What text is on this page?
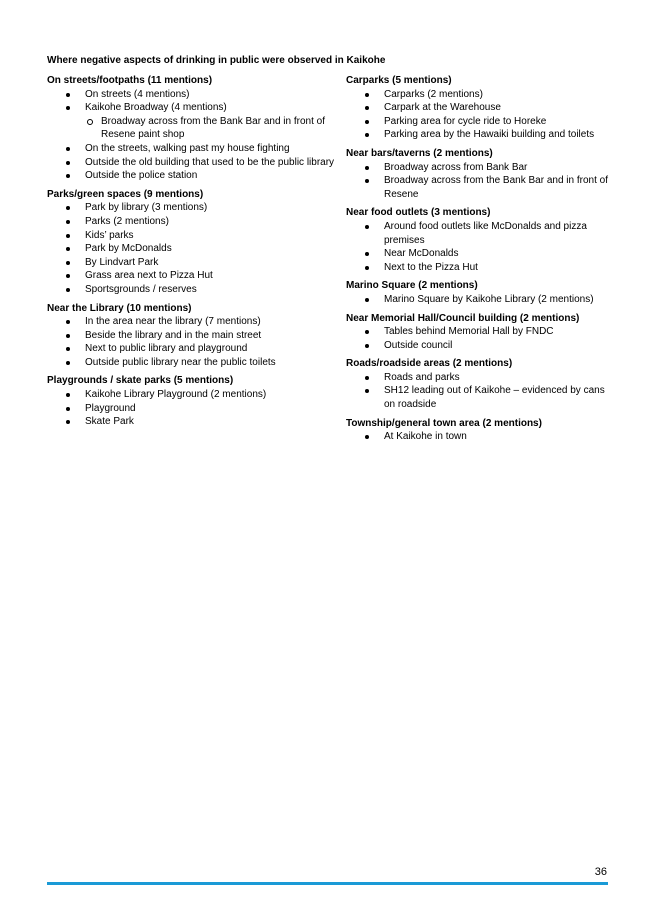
Where negative aspects of drinking in public were observed in Kaikohe
On streets/footpaths (11 mentions)
On streets (4 mentions)
Kaikohe Broadway (4 mentions)
Broadway across from the Bank Bar and in front of Resene paint shop
On the streets, walking past my house fighting
Outside the old building that used to be the public library
Outside the police station
Parks/green spaces (9 mentions)
Park by library (3 mentions)
Parks (2 mentions)
Kids’ parks
Park by McDonalds
By Lindvart Park
Grass area next to Pizza Hut
Sportsgrounds / reserves
Near the Library (10 mentions)
In the area near the library (7 mentions)
Beside the library and in the main street
Next to public library and playground
Outside public library near the public toilets
Playgrounds / skate parks (5 mentions)
Kaikohe Library Playground (2 mentions)
Playground
Skate Park
Carparks (5 mentions)
Carparks (2 mentions)
Carpark at the Warehouse
Parking area for cycle ride to Horeke
Parking area by the Hawaiki building and toilets
Near bars/taverns (2 mentions)
Broadway across from Bank Bar
Broadway across from the Bank Bar and in front of Resene
Near food outlets (3 mentions)
Around food outlets like McDonalds and pizza premises
Near McDonalds
Next to the Pizza Hut
Marino Square (2 mentions)
Marino Square by Kaikohe Library (2 mentions)
Near Memorial Hall/Council building (2 mentions)
Tables behind Memorial Hall by FNDC
Outside council
Roads/roadside areas (2 mentions)
Roads and parks
SH12 leading out of Kaikohe – evidenced by cans on roadside
Township/general town area (2 mentions)
At Kaikohe in town
36
